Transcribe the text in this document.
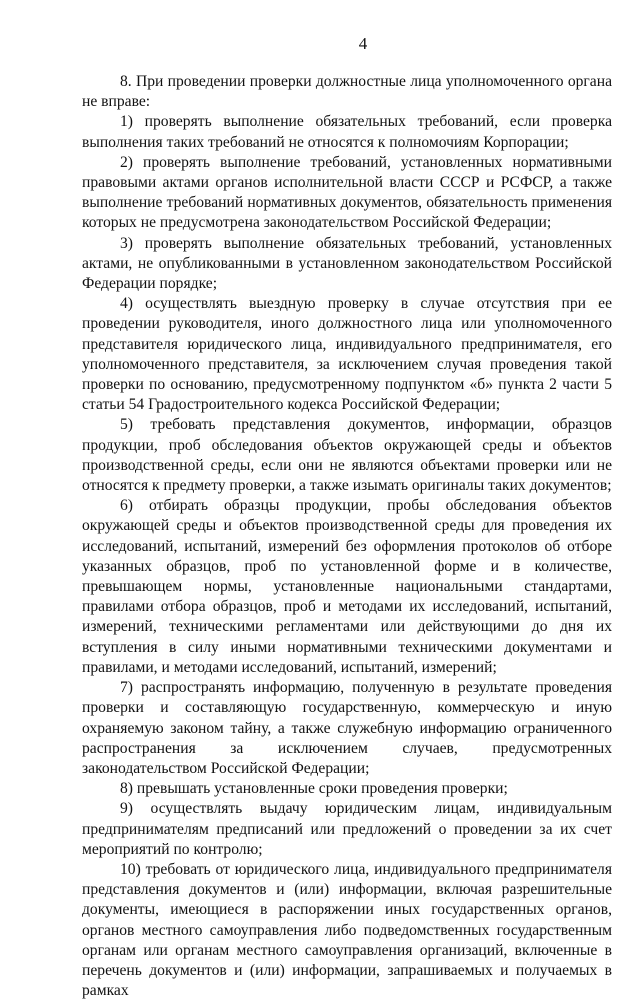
4

8. При проведении проверки должностные лица уполномоченного органа не вправе:

1) проверять выполнение обязательных требований, если проверка выполнения таких требований не относятся к полномочиям Корпорации;

2) проверять выполнение требований, установленных нормативными правовыми актами органов исполнительной власти СССР и РСФСР, а также выполнение требований нормативных документов, обязательность применения которых не предусмотрена законодательством Российской Федерации;

3) проверять выполнение обязательных требований, установленных актами, не опубликованными в установленном законодательством Российской Федерации порядке;

4) осуществлять выездную проверку в случае отсутствия при ее проведении руководителя, иного должностного лица или уполномоченного представителя юридического лица, индивидуального предпринимателя, его уполномоченного представителя, за исключением случая проведения такой проверки по основанию, предусмотренному подпунктом «б» пункта 2 части 5 статьи 54 Градостроительного кодекса Российской Федерации;

5) требовать представления документов, информации, образцов продукции, проб обследования объектов окружающей среды и объектов производственной среды, если они не являются объектами проверки или не относятся к предмету проверки, а также изымать оригиналы таких документов;

6) отбирать образцы продукции, пробы обследования объектов окружающей среды и объектов производственной среды для проведения их исследований, испытаний, измерений без оформления протоколов об отборе указанных образцов, проб по установленной форме и в количестве, превышающем нормы, установленные национальными стандартами, правилами отбора образцов, проб и методами их исследований, испытаний, измерений, техническими регламентами или действующими до дня их вступления в силу иными нормативными техническими документами и правилами, и методами исследований, испытаний, измерений;

7) распространять информацию, полученную в результате проведения проверки и составляющую государственную, коммерческую и иную охраняемую законом тайну, а также служебную информацию ограниченного распространения за исключением случаев, предусмотренных законодательством Российской Федерации;

8) превышать установленные сроки проведения проверки;

9) осуществлять выдачу юридическим лицам, индивидуальным предпринимателям предписаний или предложений о проведении за их счет мероприятий по контролю;

10) требовать от юридического лица, индивидуального предпринимателя представления документов и (или) информации, включая разрешительные документы, имеющиеся в распоряжении иных государственных органов, органов местного самоуправления либо подведомственных государственным органам или органам местного самоуправления организаций, включенные в перечень документов и (или) информации, запрашиваемых и получаемых в рамках
